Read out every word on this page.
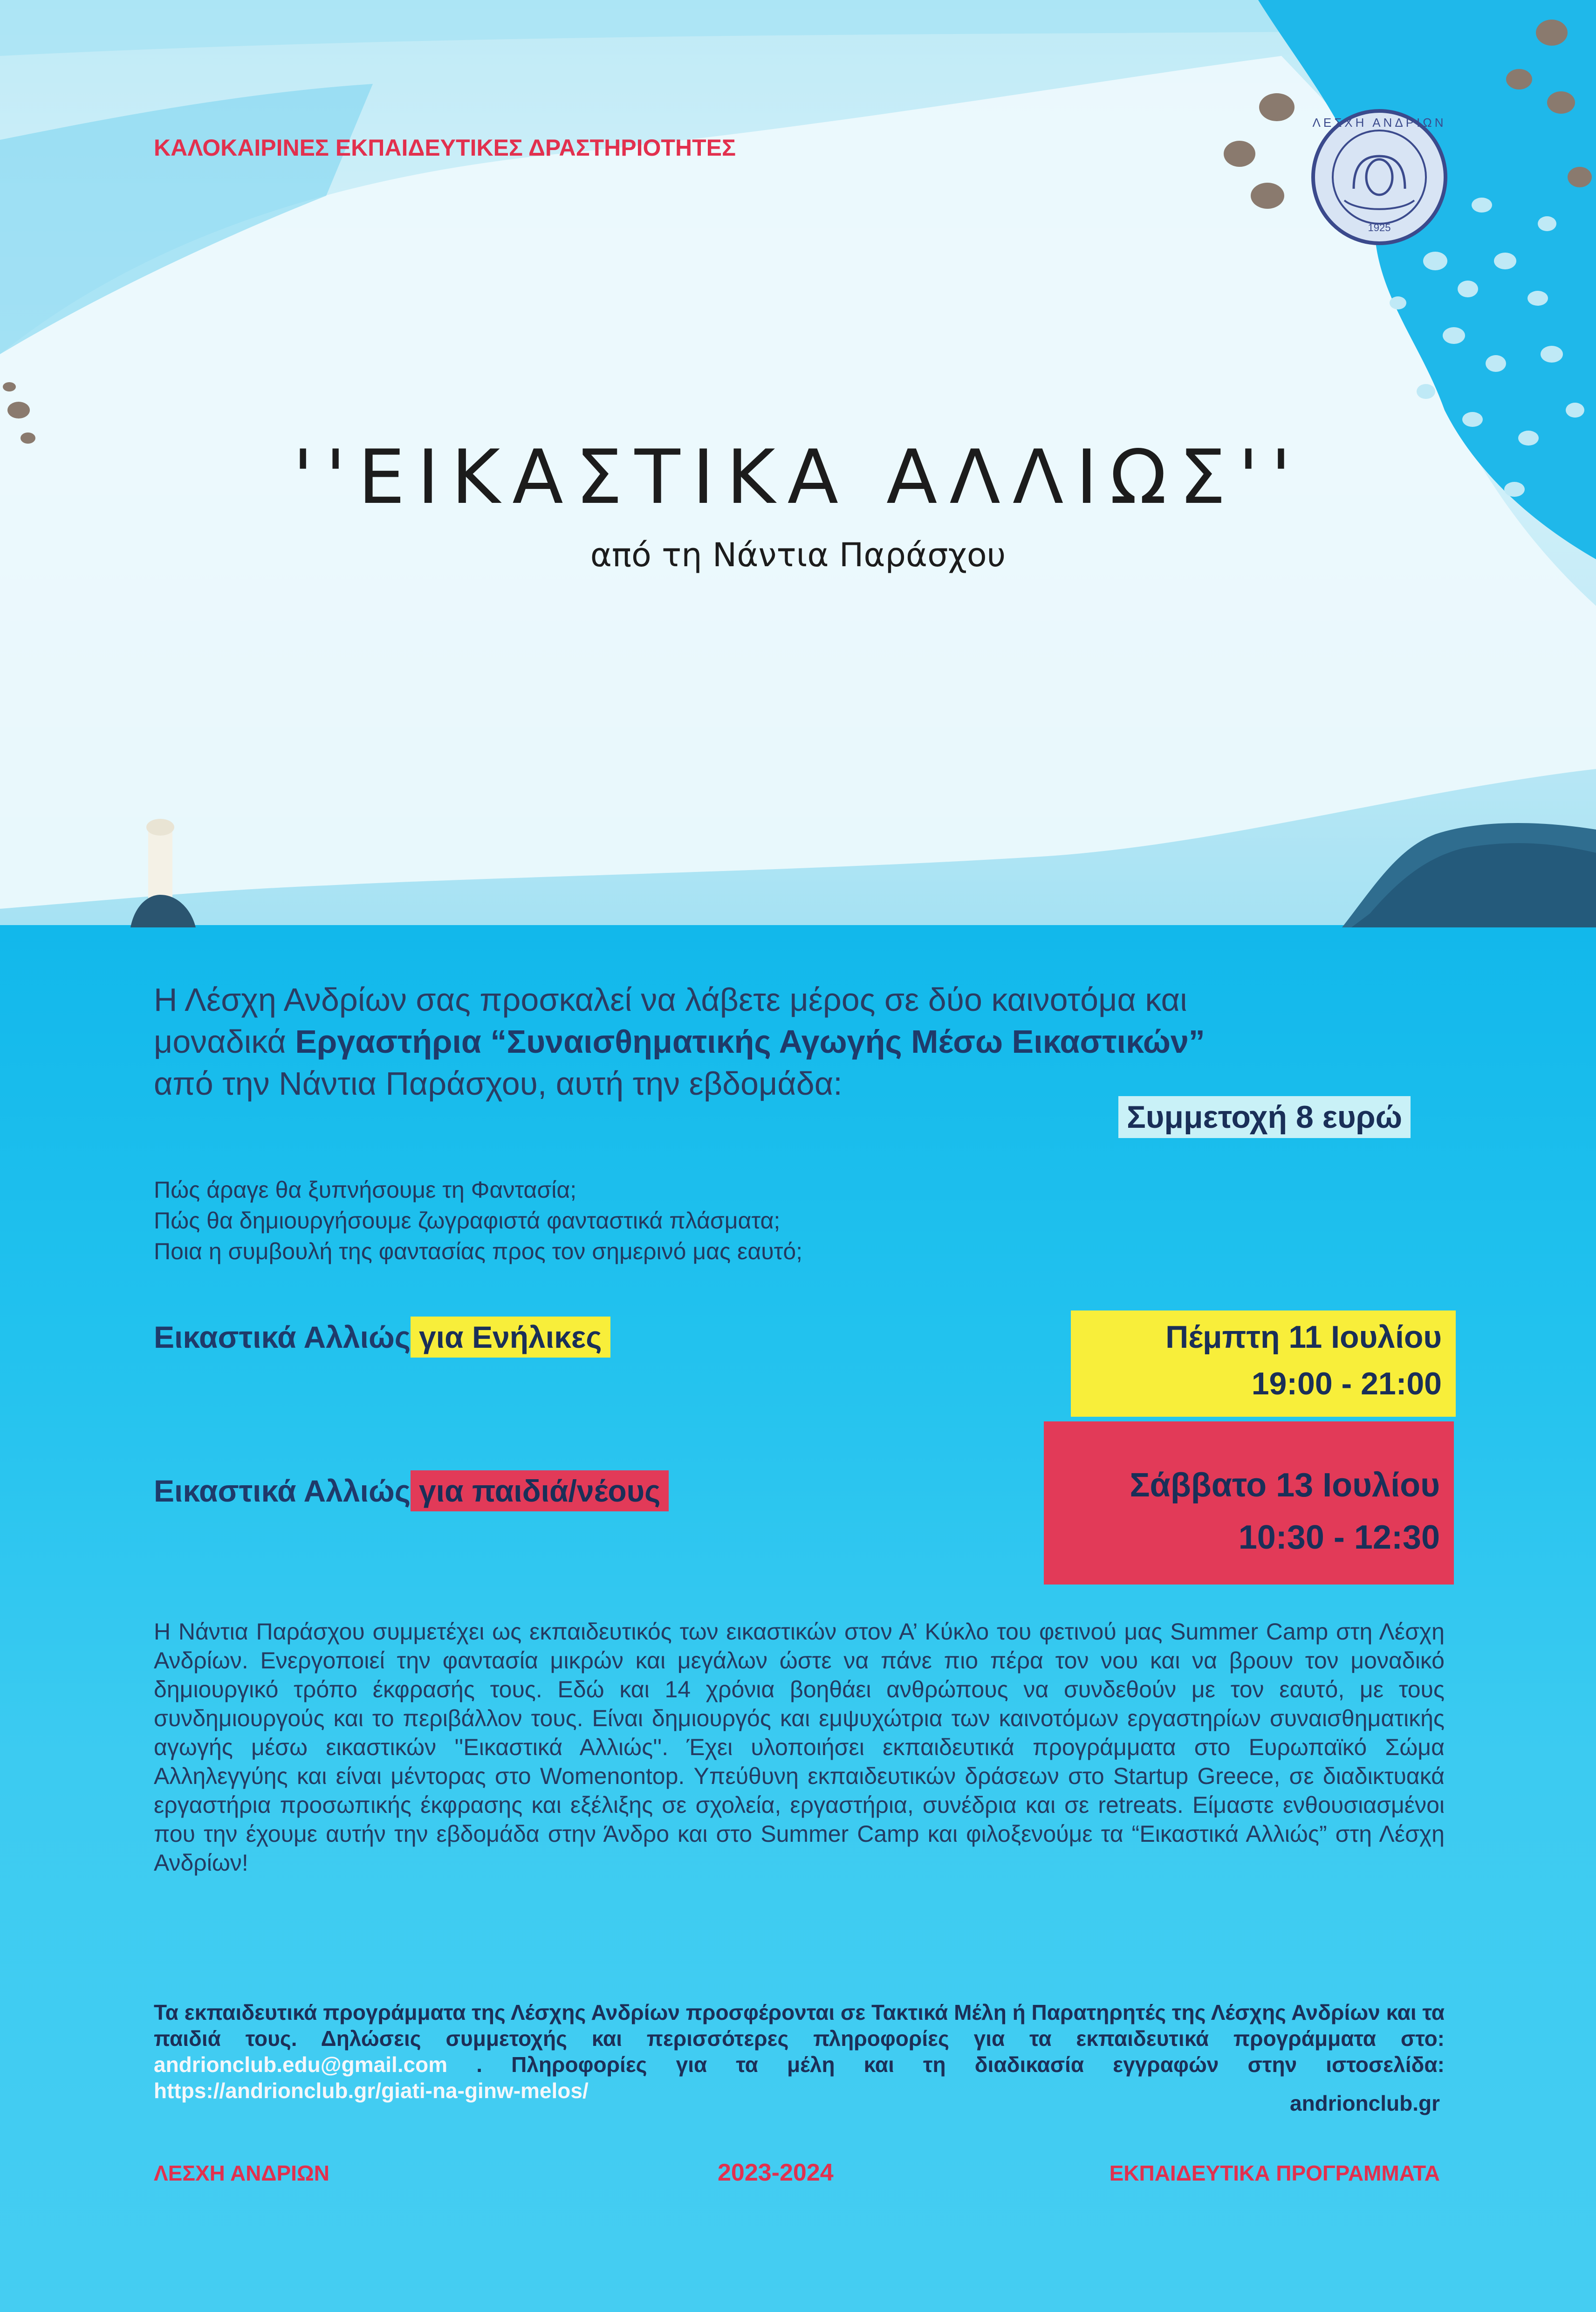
ΚΑΛΟΚΑΙΡΙΝΕΣ ΕΚΠΑΙΔΕΥΤΙΚΕΣ ΔΡΑΣΤΗΡΙΟΤΗΤΕΣ
ΛΕΣΧΗ ΑΝΔΡΙΩΝ
1925
''ΕΙΚΑΣΤΙΚΑ ΑΛΛΙΩΣ''
από τη Νάντια Παράσχου
Η Λέσχη Ανδρίων σας προσκαλεί να λάβετε μέρος σε δύο καινοτόμα και
μοναδικά Εργαστήρια “Συναισθηματικής Αγωγής Μέσω Εικαστικών”
από την Νάντια Παράσχου, αυτή την εβδομάδα:
Συμμετοχή 8 ευρώ
Πώς άραγε θα ξυπνήσουμε τη Φαντασία;
Πώς θα δημιουργήσουμε ζωγραφιστά φανταστικά πλάσματα;
Ποια η συμβουλή της φαντασίας προς τον σημερινό μας εαυτό;
Εικαστικά Αλλιώς για Ενήλικες	Πέμπτη 11 Ιουλίου
19:00 - 21:00
Εικαστικά Αλλιώς για παιδιά/νέους	Σάββατο 13 Ιουλίου
10:30 - 12:30
Η Νάντια Παράσχου συμμετέχει ως εκπαιδευτικός των εικαστικών στον Α’ Κύκλο του φετινού μας Summer Camp στη Λέσχη Ανδρίων. Ενεργοποιεί την φαντασία μικρών και μεγάλων ώστε να πάνε πιο πέρα τον νου και να βρουν τον μοναδικό δημιουργικό τρόπο έκφρασής τους. Εδώ και 14 χρόνια βοηθάει ανθρώπους να συνδεθούν με τον εαυτό, με τους συνδημιουργούς και το περιβάλλον τους. Είναι δημιουργός και εμψυχώτρια των καινοτόμων εργαστηρίων συναισθηματικής αγωγής μέσω εικαστικών ''Εικαστικά Αλλιώς''. Έχει υλοποιήσει εκπαιδευτικά προγράμματα στο Ευρωπαϊκό Σώμα Αλληλεγγύης και είναι μέντορας στο Womenontop. Υπεύθυνη εκπαιδευτικών δράσεων στο Startup Greece, σε διαδικτυακά εργαστήρια προσωπικής έκφρασης και εξέλιξης σε σχολεία, εργαστήρια, συνέδρια και σε retreats. Είμαστε ενθουσιασμένοι που την έχουμε αυτήν την εβδομάδα στην Άνδρο και στο Summer Camp και φιλοξενούμε τα “Εικαστικά Αλλιώς” στη Λέσχη Ανδρίων!
Τα εκπαιδευτικά προγράμματα της Λέσχης Ανδρίων προσφέρονται σε Τακτικά Μέλη ή Παρατηρητές της Λέσχης Ανδρίων και τα παιδιά τους. Δηλώσεις συμμετοχής και περισσότερες πληροφορίες για τα εκπαιδευτικά προγράμματα στο: andrionclub.edu@gmail.com . Πληροφορίες για τα μέλη και τη διαδικασία εγγραφών στην ιστοσελίδα: https://andrionclub.gr/giati-na-ginw-melos/
andrionclub.gr
ΛΕΣΧΗ ΑΝΔΡΙΩΝ	2023-2024	ΕΚΠΑΙΔΕΥΤΙΚΑ ΠΡΟΓΡΑΜΜΑΤΑ
